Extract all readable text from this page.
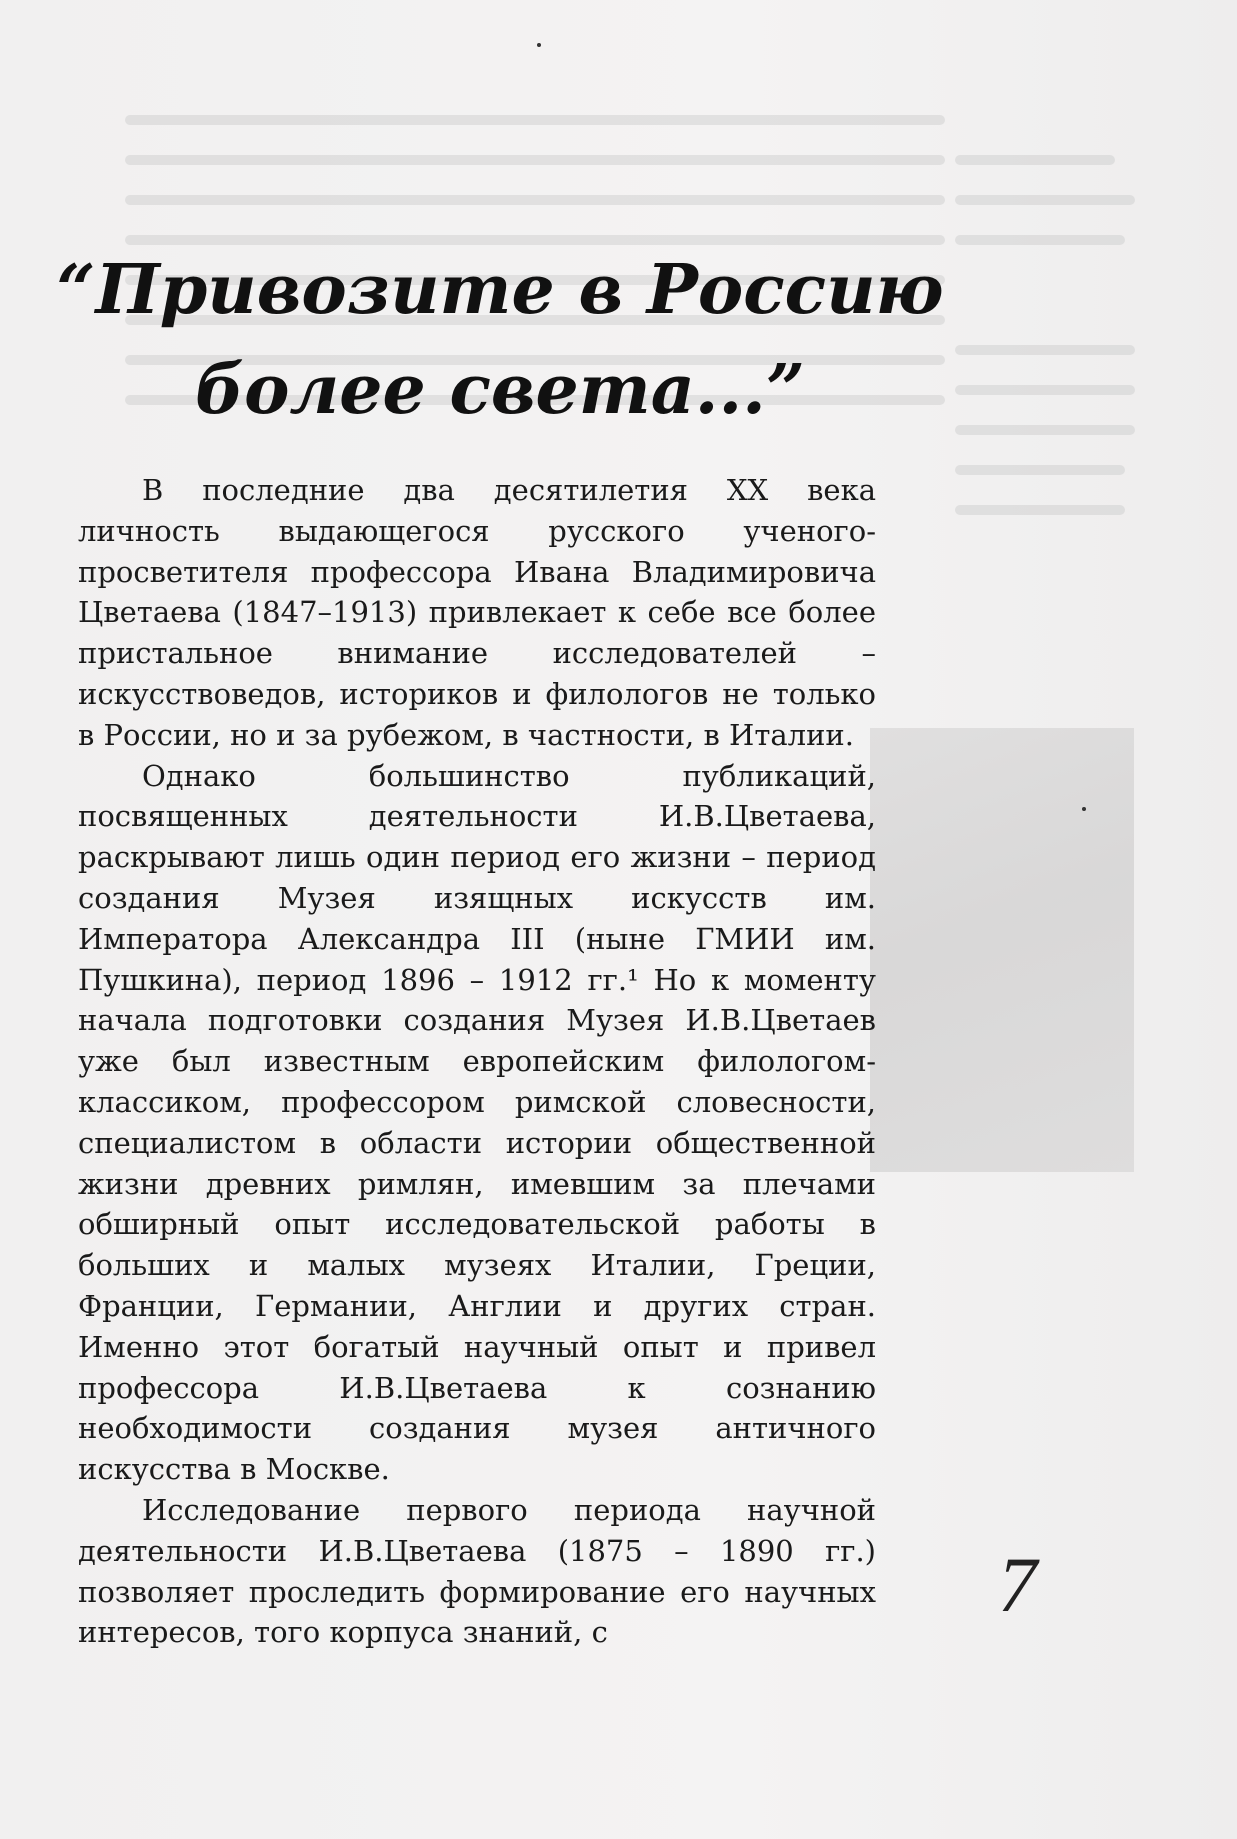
“Привозите в Россию
более света...”

В последние два десятилетия XX века личность выдающегося русского ученого-просветителя профессора Ивана Владимировича Цветаева (1847–1913) привлекает к себе все более пристальное внимание исследователей – искусствоведов, историков и филологов не только в России, но и за рубежом, в частности, в Италии.

Однако большинство публикаций, посвященных деятельности И.В.Цветаева, раскрывают лишь один период его жизни – период создания Музея изящных искусств им. Императора Александра III (ныне ГМИИ им. Пушкина), период 1896 – 1912 гг.¹ Но к моменту начала подготовки создания Музея И.В.Цветаев уже был известным европейским филологом-классиком, профессором римской словесности, специалистом в области истории общественной жизни древних римлян, имевшим за плечами обширный опыт исследовательской работы в больших и малых музеях Италии, Греции, Франции, Германии, Англии и других стран. Именно этот богатый научный опыт и привел профессора И.В.Цветаева к сознанию необходимости создания музея античного искусства в Москве.

Исследование первого периода научной деятельности И.В.Цветаева (1875 – 1890 гг.) позволяет проследить формирование его научных интересов, того корпуса знаний, с

7
